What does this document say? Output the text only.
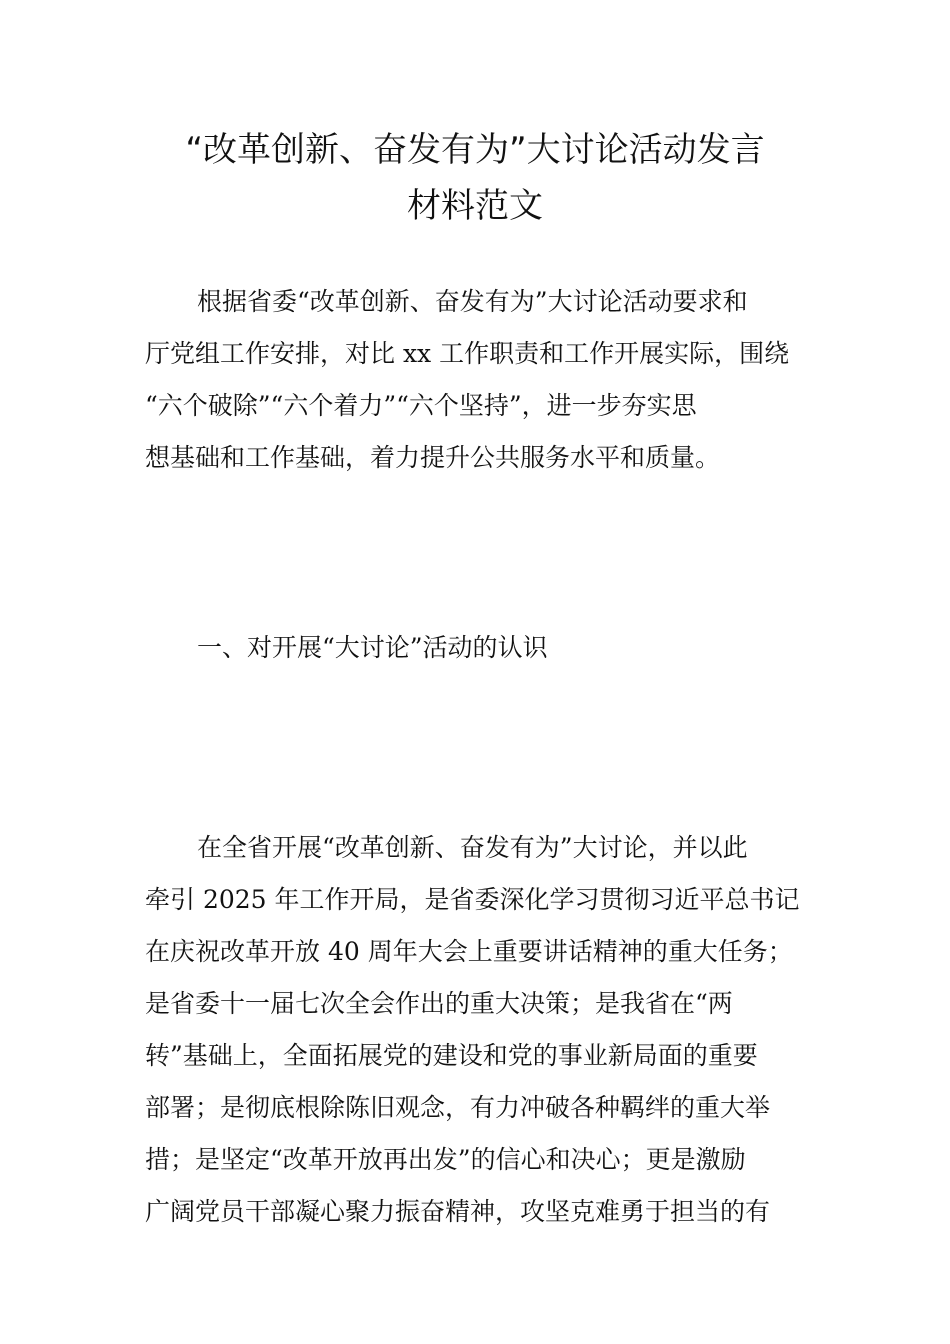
“改革创新、奋发有为”大讨论活动发言
材料范文

根据省委“改革创新、奋发有为”大讨论活动要求和
厅党组工作安排，对比 xx 工作职责和工作开展实际，围绕
“六个破除”“六个着力”“六个坚持”，进一步夯实思
想基础和工作基础，着力提升公共服务水平和质量。

一、对开展“大讨论”活动的认识

在全省开展“改革创新、奋发有为”大讨论，并以此
牵引 2025 年工作开局，是省委深化学习贯彻习近平总书记
在庆祝改革开放 40 周年大会上重要讲话精神的重大任务；
是省委十一届七次全会作出的重大决策；是我省在“两
转”基础上，全面拓展党的建设和党的事业新局面的重要
部署；是彻底根除陈旧观念，有力冲破各种羁绊的重大举
措；是坚定“改革开放再出发”的信心和决心；更是激励
广阔党员干部凝心聚力振奋精神，攻坚克难勇于担当的有
